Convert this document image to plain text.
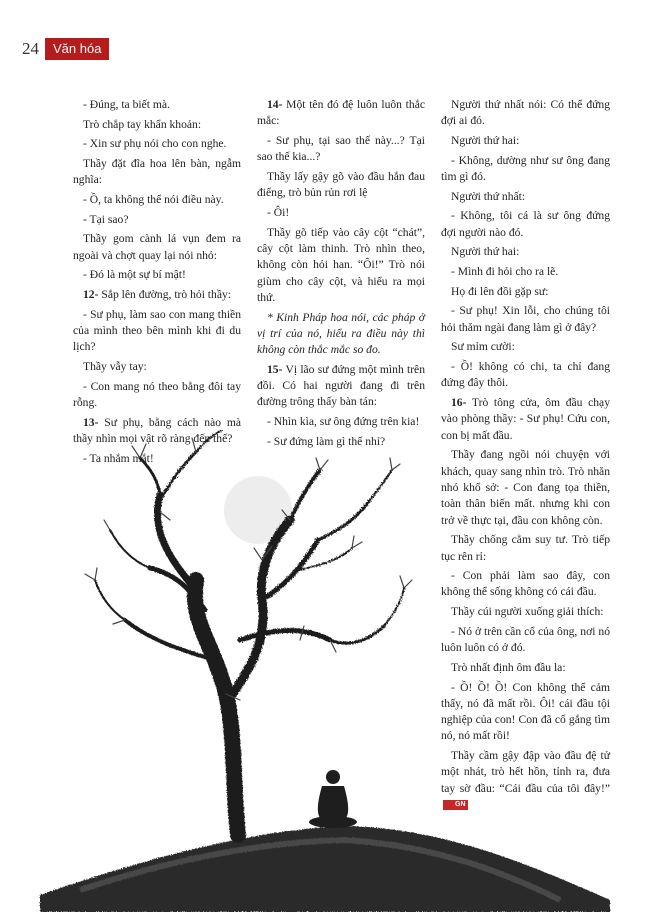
24	Văn hóa

- Đúng, ta biết mà.

Trò chắp tay khẩn khoản:

- Xin sư phụ nói cho con nghe.

Thầy đặt đĩa hoa lên bàn, ngẫm nghĩa:

- Ồ, ta không thể nói điều này.

- Tại sao?

Thầy gom cành lá vụn đem ra ngoài và chợt quay lại nói nhỏ:

- Đó là một sự bí mật!

12- Sắp lên đường, trò hỏi thầy:

- Sư phụ, làm sao con mang thiền của mình theo bên mình khi đi du lịch?

Thầy vẫy tay:

- Con mang nó theo bằng đôi tay rỗng.

13- Sư phụ, bằng cách nào mà thầy nhìn mọi vật rõ ràng đến thế?

- Ta nhắm mắt!

14- Một tên đó đệ luôn luôn thắc mắc:

- Sư phụ, tại sao thế này...? Tại sao thế kia...?

Thầy lấy gậy gõ vào đầu hắn đau điếng, trò bủn rủn rơi lệ

- Ôi!

Thầy gõ tiếp vào cây cột “chát”, cây cột làm thinh. Trò nhìn theo, không còn hỏi han. “Ôi!” Trò nói giùm cho cây cột, và hiểu ra mọi thứ.

* Kinh Pháp hoa nói, các pháp ở vị trí của nó, hiểu ra điều này thì không còn thắc mắc so đo.

15- Vị lão sư đứng một mình trên đồi. Có hai người đang đi trên đường trông thấy bàn tán:

- Nhìn kìa, sư ông đứng trên kia!

- Sư đứng làm gì thế nhỉ?

Người thứ nhất nói: Có thể đứng đợi ai đó.

Người thứ hai:

- Không, dường như sư ông đang tìm gì đó.

Người thứ nhất:

- Không, tôi cá là sư ông đứng đợi người nào đó.

Người thứ hai:

- Mình đi hỏi cho ra lẽ.

Họ đi lên đồi gặp sư:

- Sư phụ! Xin lỗi, cho chúng tôi hỏi thăm ngài đang làm gì ở đây?

Sư mỉm cười:

- Ồ! không có chi, ta chỉ đang đứng đây thôi.

16- Trò tông cửa, ôm đầu chạy vào phòng thầy: - Sư phụ! Cứu con, con bị mất đầu.

Thầy đang ngồi nói chuyện với khách, quay sang nhìn trò. Trò nhăn nhó khổ sở: - Con đang tọa thiền, toàn thân biến mất. nhưng khi con trở về thực tại, đầu con không còn.

Thầy chống cằm suy tư. Trò tiếp tục rên rỉ:

- Con phải làm sao đây, con không thể sống không có cái đầu.

Thầy cúi người xuống giải thích:

- Nó ở trên cần cổ của ông, nơi nó luôn luôn có ở đó.

Trò nhất định ôm đầu la:

- Ồ! Ồ! Ồ! Con không thể cảm thấy, nó đã mất rồi. Ôi! cái đầu tội nghiệp của con! Con đã cố gắng tìm nó, nó mất rồi!

Thầy cầm gậy đập vào đầu đệ tử một nhát, trò hết hồn, tỉnh ra, đưa tay sờ đầu: “Cái đầu của tôi đây!”GN
